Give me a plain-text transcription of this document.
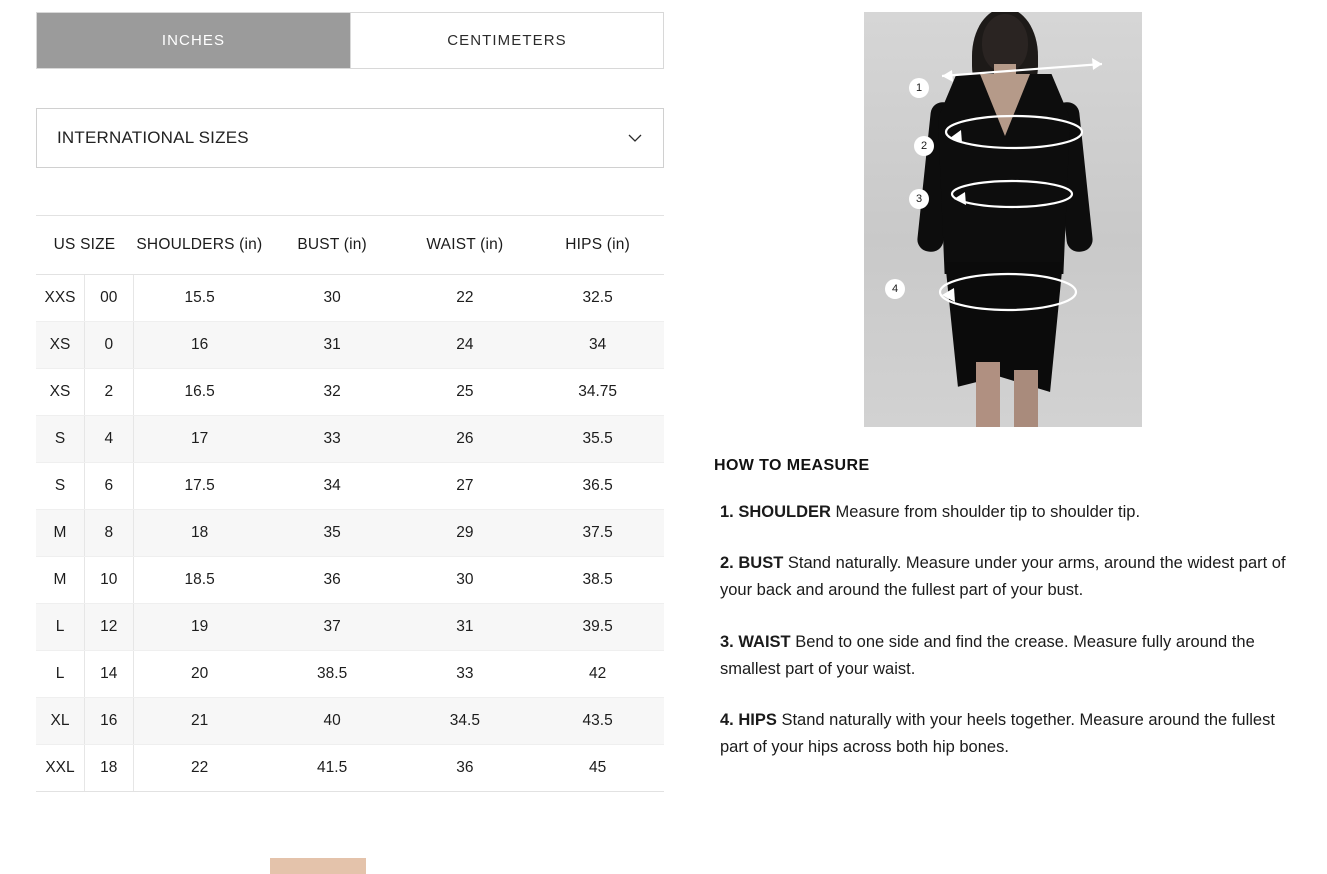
INCHES	CENTIMETERS
INTERNATIONAL SIZES
US SIZE		SHOULDERS (in)	BUST (in)	WAIST (in)	HIPS (in)
XXS	00	15.5	30	22	32.5
XS	0	16	31	24	34
XS	2	16.5	32	25	34.75
S	4	17	33	26	35.5
S	6	17.5	34	27	36.5
M	8	18	35	29	37.5
M	10	18.5	36	30	38.5
L	12	19	37	31	39.5
L	14	20	38.5	33	42
XL	16	21	40	34.5	43.5
XXL	18	22	41.5	36	45
1
2
3
4
HOW TO MEASURE
1. SHOULDER Measure from shoulder tip to shoulder tip.
2. BUST Stand naturally. Measure under your arms, around the widest part of your back and around the fullest part of your bust.
3. WAIST Bend to one side and find the crease. Measure fully around the smallest part of your waist.
4. HIPS Stand naturally with your heels together. Measure around the fullest part of your hips across both hip bones.
